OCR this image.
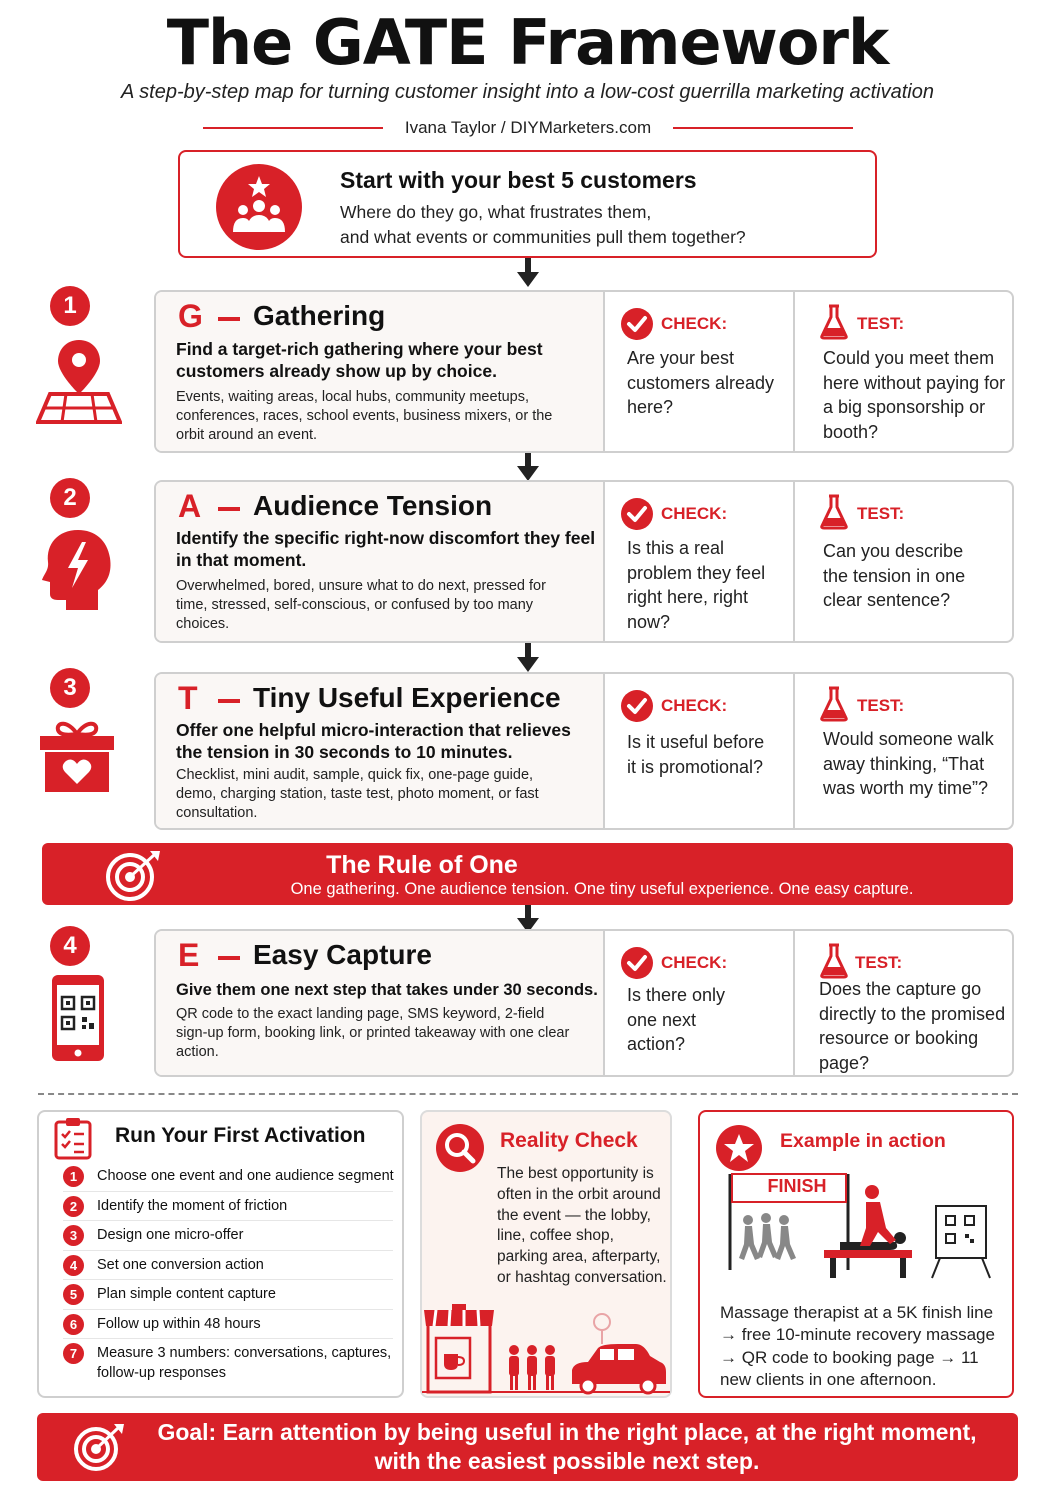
The GATE Framework
A step-by-step map for turning customer insight into a low-cost guerrilla marketing activation
Ivana Taylor / DIYMarketers.com
Start with your best 5 customers
Where do they go, what frustrates them,
and what events or communities pull them together?
1	G Gathering
Find a target-rich gathering where your best customers already show up by choice.
Events, waiting areas, local hubs, community meetups, conferences, races, school events, business mixers, or the orbit around an event.
CHECK:
Are your best customers already here?
TEST:
Could you meet them here without paying for a big sponsorship or booth?
2	A Audience Tension
Identify the specific right-now discomfort they feel in that moment.
Overwhelmed, bored, unsure what to do next, pressed for time, stressed, self-conscious, or confused by too many choices.
CHECK:
Is this a real problem they feel right here, right now?
TEST:
Can you describe the tension in one clear sentence?
3	T Tiny Useful Experience
Offer one helpful micro-interaction that relieves the tension in 30 seconds to 10 minutes.
Checklist, mini audit, sample, quick fix, one-page guide, demo, charging station, taste test, photo moment, or fast consultation.
CHECK:
Is it useful before it is promotional?
TEST:
Would someone walk away thinking, “That was worth my time”?
The Rule of One
One gathering. One audience tension. One tiny useful experience. One easy capture.
4	E Easy Capture
Give them one next step that takes under 30 seconds.
QR code to the exact landing page, SMS keyword, 2-field sign-up form, booking link, or printed takeaway with one clear action.
CHECK:
Is there only one next action?
TEST:
Does the capture go directly to the promised resource or booking page?
Run Your First Activation
1	Choose one event and one audience segment
2	Identify the moment of friction
3	Design one micro-offer
4	Set one conversion action
5	Plan simple content capture
6	Follow up within 48 hours
7	Measure 3 numbers: conversations, captures, follow-up responses
Reality Check
The best opportunity is often in the orbit around the event — the lobby, line, coffee shop, parking area, afterparty, or hashtag conversation.
Example in action
FINISH
Massage therapist at a 5K finish line → free 10-minute recovery massage → QR code to booking page → 11 new clients in one afternoon.
Goal: Earn attention by being useful in the right place, at the right moment,
with the easiest possible next step.
